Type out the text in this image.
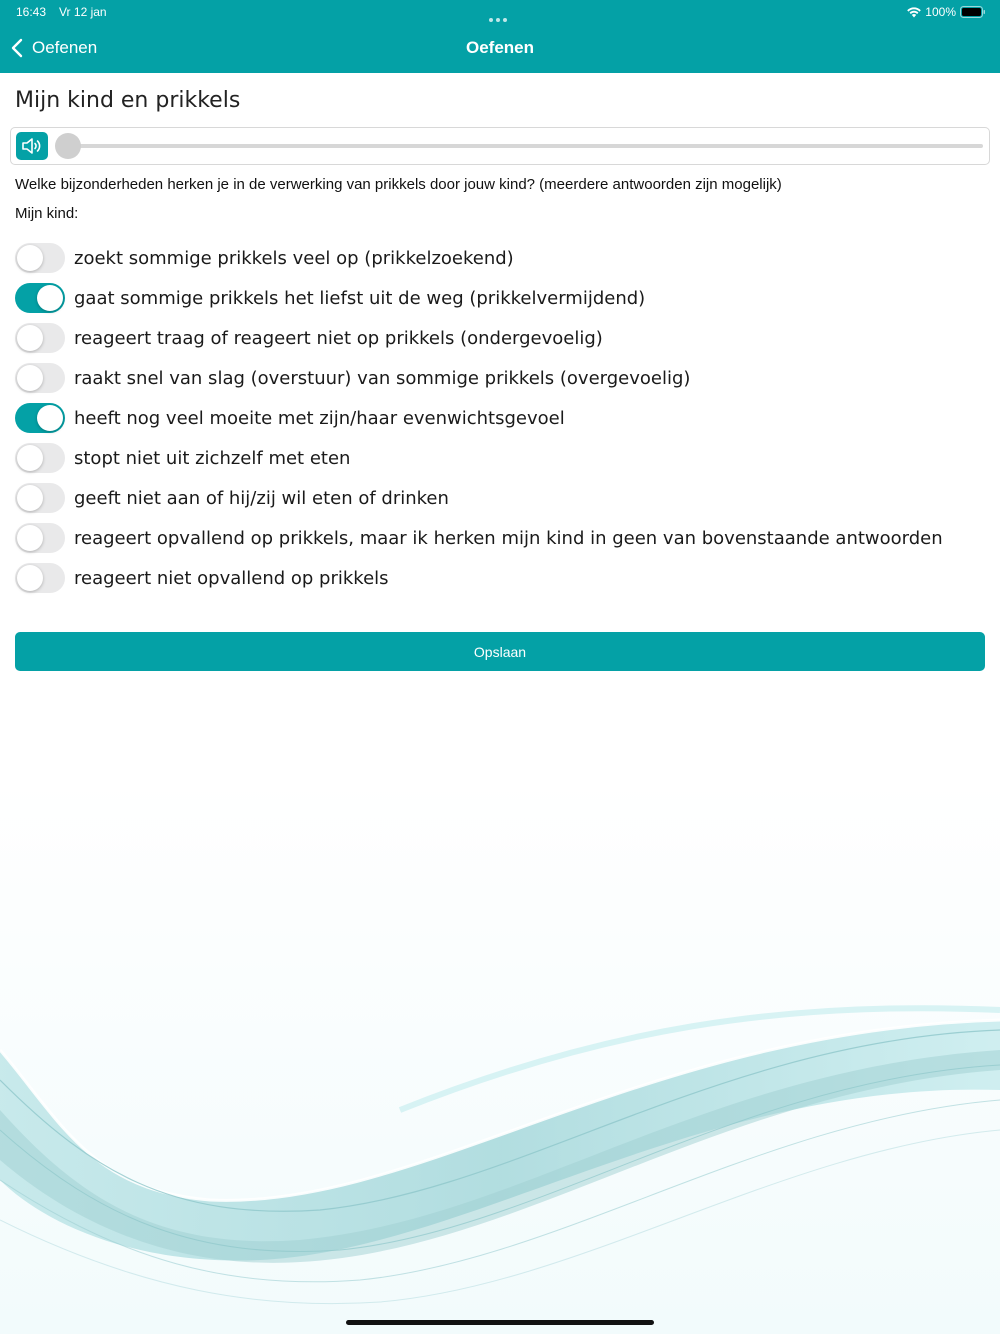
16:43 Vr 12 jan	100%
Oefenen	Oefenen
Mijn kind en prikkels
Welke bijzonderheden herken je in de verwerking van prikkels door jouw kind? (meerdere antwoorden zijn mogelijk)
Mijn kind:
zoekt sommige prikkels veel op (prikkelzoekend)
gaat sommige prikkels het liefst uit de weg (prikkelvermijdend)
reageert traag of reageert niet op prikkels (ondergevoelig)
raakt snel van slag (overstuur) van sommige prikkels (overgevoelig)
heeft nog veel moeite met zijn/haar evenwichtsgevoel
stopt niet uit zichzelf met eten
geeft niet aan of hij/zij wil eten of drinken
reageert opvallend op prikkels, maar ik herken mijn kind in geen van bovenstaande antwoorden
reageert niet opvallend op prikkels
Opslaan
